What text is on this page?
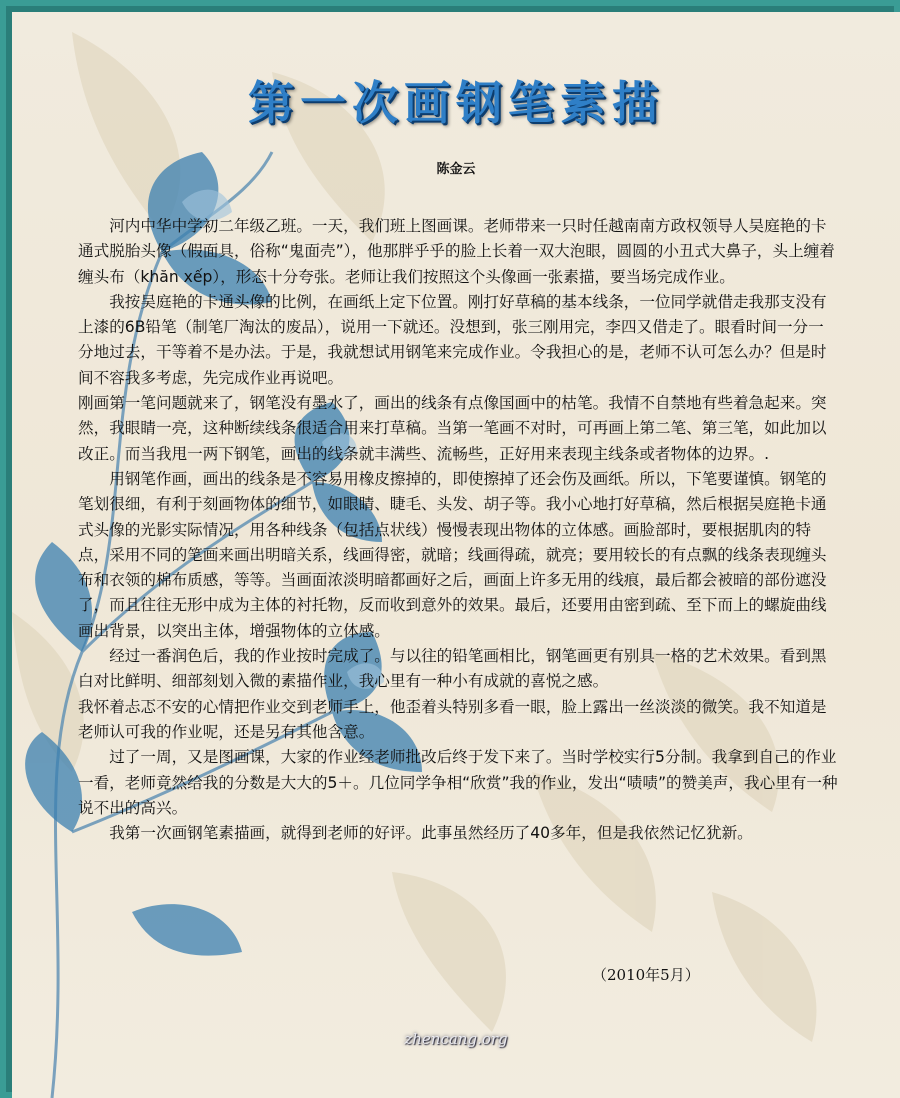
第一次画钢笔素描
陈金云

河内中华中学初二年级乙班。一天，我们班上图画课。老师带来一只时任越南南方政权领导人吴庭艳的卡通式脱胎头像（假面具，俗称“鬼面壳”），他那胖乎乎的脸上长着一双大泡眼，圆圆的小丑式大鼻子，头上缠着缠头布（khăn xếp），形态十分夸张。老师让我们按照这个头像画一张素描，要当场完成作业。

我按吴庭艳的卡通头像的比例，在画纸上定下位置。刚打好草稿的基本线条，一位同学就借走我那支没有上漆的6B铅笔（制笔厂淘汰的废品），说用一下就还。没想到，张三刚用完，李四又借走了。眼看时间一分一分地过去，干等着不是办法。于是，我就想试用钢笔来完成作业。令我担心的是，老师不认可怎么办？但是时间不容我多考虑，先完成作业再说吧。

刚画第一笔问题就来了，钢笔没有墨水了，画出的线条有点像国画中的枯笔。我情不自禁地有些着急起来。突然，我眼睛一亮，这种断续线条很适合用来打草稿。当第一笔画不对时，可再画上第二笔、第三笔，如此加以改正。而当我甩一两下钢笔，画出的线条就丰满些、流畅些，正好用来表现主线条或者物体的边界。.

用钢笔作画，画出的线条是不容易用橡皮擦掉的，即使擦掉了还会伤及画纸。所以，下笔要谨慎。钢笔的笔划很细，有利于刻画物体的细节，如眼睛、睫毛、头发、胡子等。我小心地打好草稿，然后根据吴庭艳卡通式头像的光影实际情况，用各种线条（包括点状线）慢慢表现出物体的立体感。画脸部时，要根据肌肉的特点，采用不同的笔画来画出明暗关系，线画得密，就暗；线画得疏，就亮；要用较长的有点飘的线条表现缠头布和衣领的棉布质感，等等。当画面浓淡明暗都画好之后，画面上许多无用的线痕，最后都会被暗的部份遮没了，而且往往无形中成为主体的衬托物，反而收到意外的效果。最后，还要用由密到疏、至下而上的螺旋曲线画出背景，以突出主体，增强物体的立体感。

经过一番润色后，我的作业按时完成了。与以往的铅笔画相比，钢笔画更有别具一格的艺术效果。看到黑白对比鲜明、细部刻划入微的素描作业，我心里有一种小有成就的喜悦之感。

我怀着忐忑不安的心情把作业交到老师手上，他歪着头特别多看一眼，脸上露出一丝淡淡的微笑。我不知道是老师认可我的作业呢，还是另有其他含意。

过了一周，又是图画课，大家的作业经老师批改后终于发下来了。当时学校实行5分制。我拿到自己的作业一看，老师竟然给我的分数是大大的5＋。几位同学争相“欣赏”我的作业，发出“啧啧”的赞美声，我心里有一种说不出的高兴。

我第一次画钢笔素描画，就得到老师的好评。此事虽然经历了40多年，但是我依然记忆犹新。

（2010年5月）
zhencang.org
